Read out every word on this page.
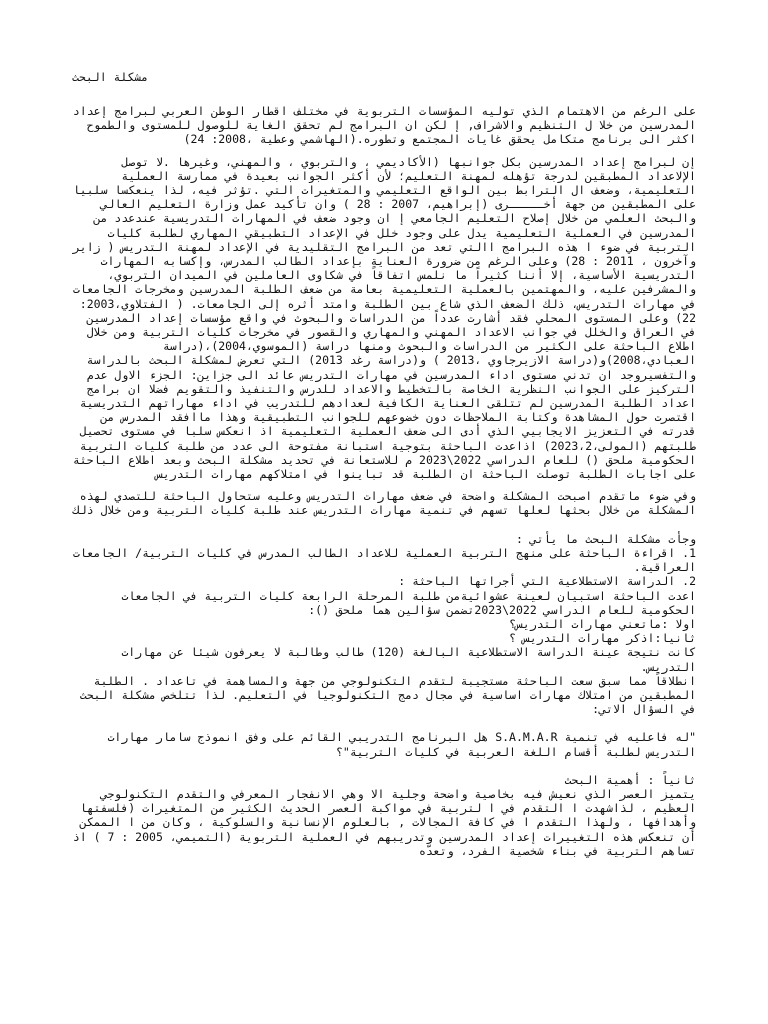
مشكلة البحث

على الرغم من الاهتمام الذي توليه المؤسسات التربوية في مختلف اقطار الوطن العربي لبرامج إعداد المدرسين من خلا ل التنظيم والاشراف, إ لكن ان البرامج لم تحقق الغاية للوصول للمستوى والطموح اكثر الى برنامج متكامل يحقق غايات المجتمع وتطوره.(الهاشمي وعطية ،2008: 24)

إن لبرامج إعداد المدرسين بكل جوانبها (الأكاديمي ، والتربوي ، والمهني، وغيرها .لا توصل الإلاعداد المطبقين لدرجة تؤهله لمهنة التعليم؛ لأن أكثر الجوانب بعيدة في ممارسة العملية التعليمية، وضعف ال الترابط بين الواقع التعليمي والمتغيرات التي .تؤثر فيه، لذا ينعكسا سلبيا على المطبقين من جهة أخـــــرى (إبراهيم، 2007 : 28 ) وان تأكيد عمل وزارة التعليم العالي والبحث العلمي من خلال إصلاح التعليم الجامعي إ ان وجود ضعف في المهارات التدريسية عندعدد من المدرسين في العملية التعليمية يدل على وجود خلل في الإعداد التطبيقي المهاري لطلبة كليات التربية في ضوء ا هذه البرامج االتي تعد من البرامج التقليدية في الإعداد لمهنة التدريس ( زاير وآخرون ، 2011 : 28) وعلى الرغم من ضرورة العناية بإعداد الطالب المدرس، وإكسابه المهارات التدريسية الأساسية، إلا أننا كثيراً ما نلمس اتفاقاً في شكاوى العاملين في الميدان التربوي، والمشرفين عليه، والمهتمين بالعملية التعليمية بعامة من ضعف الطلبة المدرسين ومخرجات الجامعات في مهارات التدريس، ذلك الضعف الذي شاع بين الطلبة وامتد أثره إلى الجامعات. ( الفتلاوي،2003: 22) وعلى المستوى المحلي فقد أشارت عدداً من الدراسات والبحوث في واقع مؤسسات إعداد المدرسين في العراق والخلل في جوانب الاعداد المهني والمهاري والقصور في مخرجات كليات التربية ومن خلال اطلاع الباحثة على الكثير من الدراسات والبحوث ومنها دراسة (الموسوي،2004)،(دراسة العبادي،2008)و(دراسة الازيرجاوي ،2013 ) و(دراسة رغد 2013) التي تعرض لمشكلة البحث بالدراسة والتفسيروجد ان تدني مستوى اداء المدرسين في مهارات التدريس عائد الى جزاين: الجزء الاول عدم التركيز على الجوانب النظرية الخاصة بالتخطيط والاعداد للدرس والتنفيذ والتقويم فضلا ان برامج اعداد الطلبة المدرسين لم تتلقى العناية الكافية لعدادهم للتدريب في اداء مهاراتهم التدريسية اقتصرت حول المشاهدة وكتابة الملاحظات دون خضوعهم للجوانب التطبيقية وهذا ماافقد المدرس من قدرته في التعزيز الايجابيي الذي أدى الى ضعف العملية التعليمية اذ انعكس سلبا في مستوى تحصيل طلبتهم (المولى،2023،2) اذاعدت الباحثة بتوجية استبانة مفتوحة الى عدد من طلبة كليات التربية الحكومية ملحق () للعام الدراسي 2022\2023 م للاستعانة في تحديد مشكلة البحث وبعد اطلاع الباحثة على اجابات الطلبة توصلت الباحثة ان الطلبة قد تباينوا في امتلاكهم مهارات التدريس

وفي ضوء ماتقدم اصبحت المشكلة واضحة في ضعف مهارات التدريس وعليه ستحاول الباحثة للتصدي لهذه المشكلة من خلال بحثها لعلها تسهم في تنمية مهارات التدريس عند طلبة كليات التربية ومن خلال ذلك

وجأت مشكلة البحث ما يأتي :

1. اقراءة الباحثة على منهج التربية العملية للاعداد الطالب المدرس في كليات التربية/ الجامعات العراقية.

2. الدراسة الاستطلاعية التي أجراتها الباحثة :

اعدت الباحثة استبيان لعينة عشوائيةمن طلبة المرحلة الرابعة كليات التربية في الجامعات الحكومية للعام الدراسي 2022\2023تضمن سؤالين هما ملحق ():

اولا :ماتعني مهارات التدريس؟

ثانيا:اذكر مهارات التدريس ؟

كانت نتيجة عينة الدراسة الاستطلاعية البالغة (120) طالب وطالبة لا يعرفون شيئا عن مهارات التدريس.

انطلاقاً مما سبق سعت الباحثة مستجيبة لتقدم التكنولوجي من جهة والمساهمة في تاعداد . الطلبة المطبقين من امتلاك مهارات اساسية في مجال دمج التكنولوجيا في التعليم. لذا تتلخص مشكلة البحث في السؤال الاتي:

"له فاعليه في تنمية S.A.M.A.R هل البرنامج التدريبي القائم على وفق انموذج سامار مهارات التدريس لطلبة أقسام اللغة العربية في كليات التربية"؟

ثانياً : أهمية البحث

يتميز العصر الذي نعيش فيه بخاصية واضحة وجلية الا وهي الانفجار المعرفي والتقدم التكنولوجي العظيم ، لذاشهدت ا التقدم في ا لتربية في مواكبة العصر الحديث الكثير من المتغيرات (فلسفتها وأهدافها ، ولهذا التقدم ا في كافة المجالات , بالعلوم الإنسانية والسلوكية ، وكان من ا الممكن أن تنعكس هذه التغييرات إعداد المدرسين وتدريبهم في العملية التربوية (التميمي، 2005 : 7 ) اذ تساهم التربية في بناء شخصية الفرد، وتعدّه
